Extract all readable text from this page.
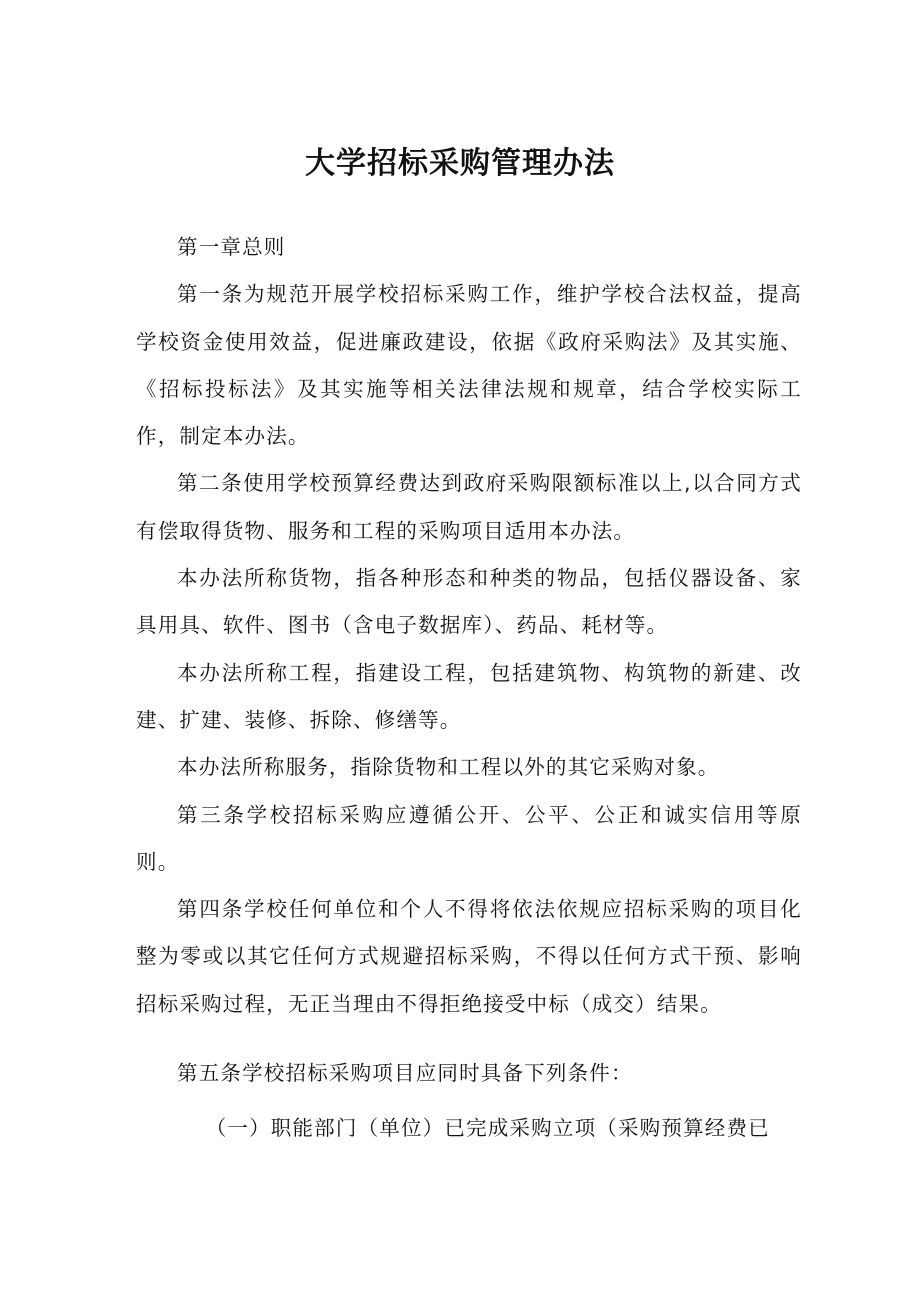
大学招标采购管理办法

第一章总则

第一条为规范开展学校招标采购工作，维护学校合法权益，提高学校资金使用效益，促进廉政建设，依据《政府采购法》及其实施、《招标投标法》及其实施等相关法律法规和规章，结合学校实际工作，制定本办法。

第二条使用学校预算经费达到政府采购限额标准以上,以合同方式有偿取得货物、服务和工程的采购项目适用本办法。

本办法所称货物，指各种形态和种类的物品，包括仪器设备、家具用具、软件、图书（含电子数据库）、药品、耗材等。

本办法所称工程，指建设工程，包括建筑物、构筑物的新建、改建、扩建、装修、拆除、修缮等。

本办法所称服务，指除货物和工程以外的其它采购对象。

第三条学校招标采购应遵循公开、公平、公正和诚实信用等原则。

第四条学校任何单位和个人不得将依法依规应招标采购的项目化整为零或以其它任何方式规避招标采购，不得以任何方式干预、影响招标采购过程，无正当理由不得拒绝接受中标（成交）结果。

第五条学校招标采购项目应同时具备下列条件：

（一）职能部门（单位）已完成采购立项（采购预算经费已
